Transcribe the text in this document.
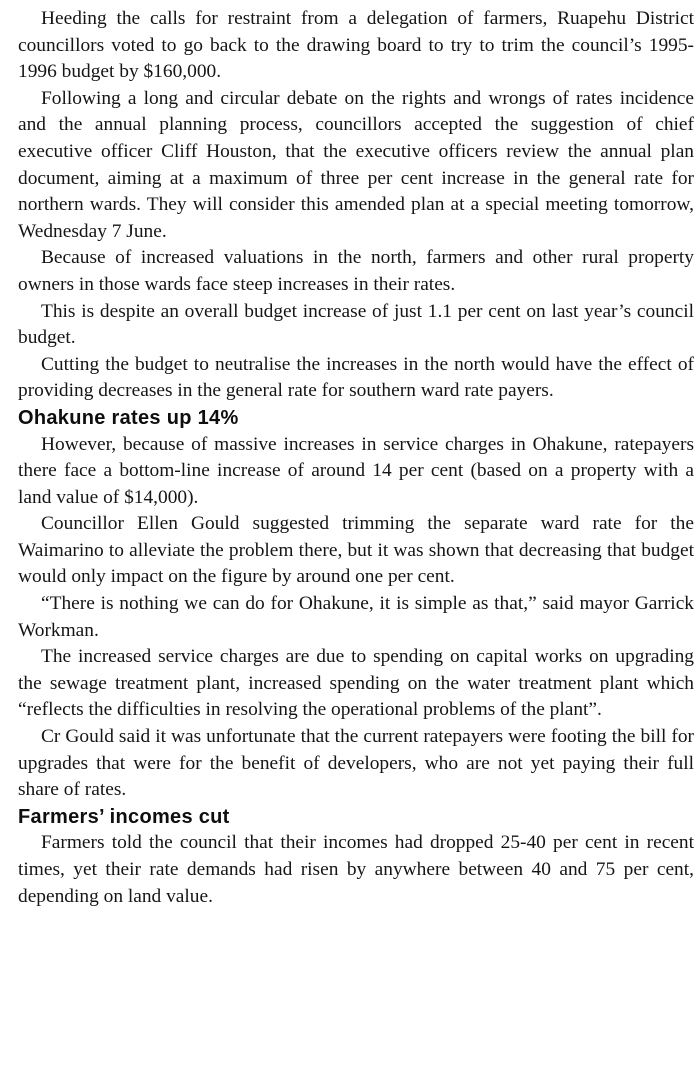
Heeding the calls for restraint from a delegation of farmers, Ruapehu District councillors voted to go back to the drawing board to try to trim the council’s 1995-1996 budget by $160,000.

Following a long and circular debate on the rights and wrongs of rates incidence and the annual planning process, councillors accepted the suggestion of chief executive officer Cliff Houston, that the executive officers review the annual plan document, aiming at a maximum of three per cent increase in the general rate for northern wards. They will consider this amended plan at a special meeting tomorrow, Wednesday 7 June.

Because of increased valuations in the north, farmers and other rural property owners in those wards face steep increases in their rates.

This is despite an overall budget increase of just 1.1 per cent on last year’s council budget.

Cutting the budget to neutralise the increases in the north would have the effect of providing decreases in the general rate for southern ward rate payers.

Ohakune rates up 14%

However, because of massive increases in service charges in Ohakune, ratepayers there face a bottom-line increase of around 14 per cent (based on a property with a land value of $14,000).

Councillor Ellen Gould suggested trimming the separate ward rate for the Waimarino to alleviate the problem there, but it was shown that decreasing that budget would only impact on the figure by around one per cent.

“There is nothing we can do for Ohakune, it is simple as that,” said mayor Garrick Workman.

The increased service charges are due to spending on capital works on upgrading the sewage treatment plant, increased spending on the water treatment plant which “reflects the difficulties in resolving the operational problems of the plant”.

Cr Gould said it was unfortunate that the current ratepayers were footing the bill for upgrades that were for the benefit of developers, who are not yet paying their full share of rates.

Farmers’ incomes cut

Farmers told the council that their incomes had dropped 25-40 per cent in recent times, yet their rate demands had risen by anywhere between 40 and 75 per cent, depending on land value.
